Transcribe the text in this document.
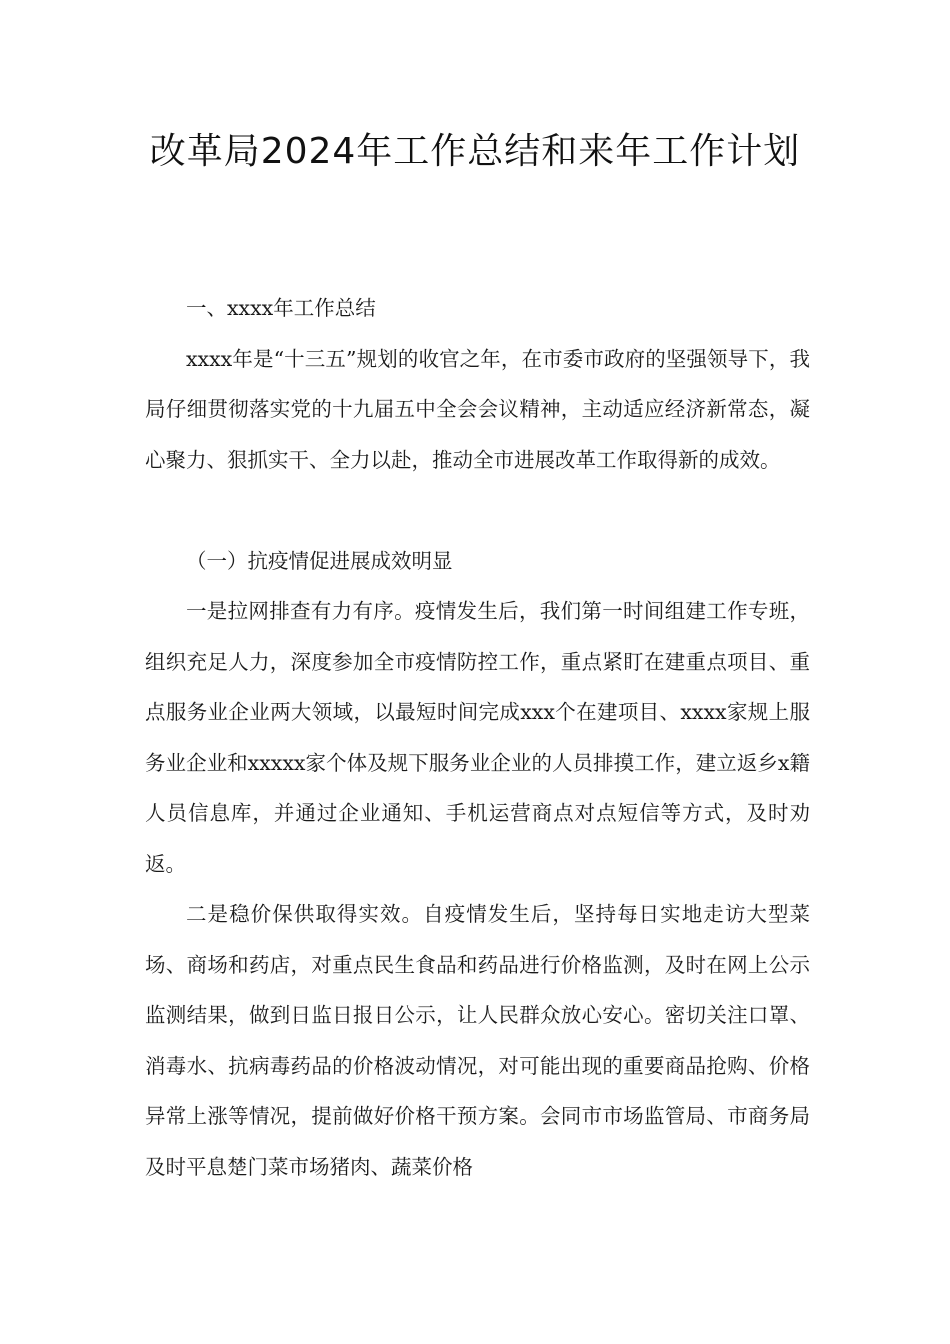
改革局2024年工作总结和来年工作计划

一、xxxx年工作总结

xxxx年是“十三五”规划的收官之年，在市委市政府的坚强领导下，我局仔细贯彻落实党的十九届五中全会会议精神，主动适应经济新常态，凝心聚力、狠抓实干、全力以赴，推动全市进展改革工作取得新的成效。

（一）抗疫情促进展成效明显

一是拉网排查有力有序。疫情发生后，我们第一时间组建工作专班，组织充足人力，深度参加全市疫情防控工作，重点紧盯在建重点项目、重点服务业企业两大领域，以最短时间完成xxx个在建项目、xxxx家规上服务业企业和xxxxx家个体及规下服务业企业的人员排摸工作，建立返乡x籍人员信息库，并通过企业通知、手机运营商点对点短信等方式，及时劝返。

二是稳价保供取得实效。自疫情发生后，坚持每日实地走访大型菜场、商场和药店，对重点民生食品和药品进行价格监测，及时在网上公示监测结果，做到日监日报日公示，让人民群众放心安心。密切关注口罩、消毒水、抗病毒药品的价格波动情况，对可能出现的重要商品抢购、价格异常上涨等情况，提前做好价格干预方案。会同市市场监管局、市商务局及时平息楚门菜市场猪肉、蔬菜价格
